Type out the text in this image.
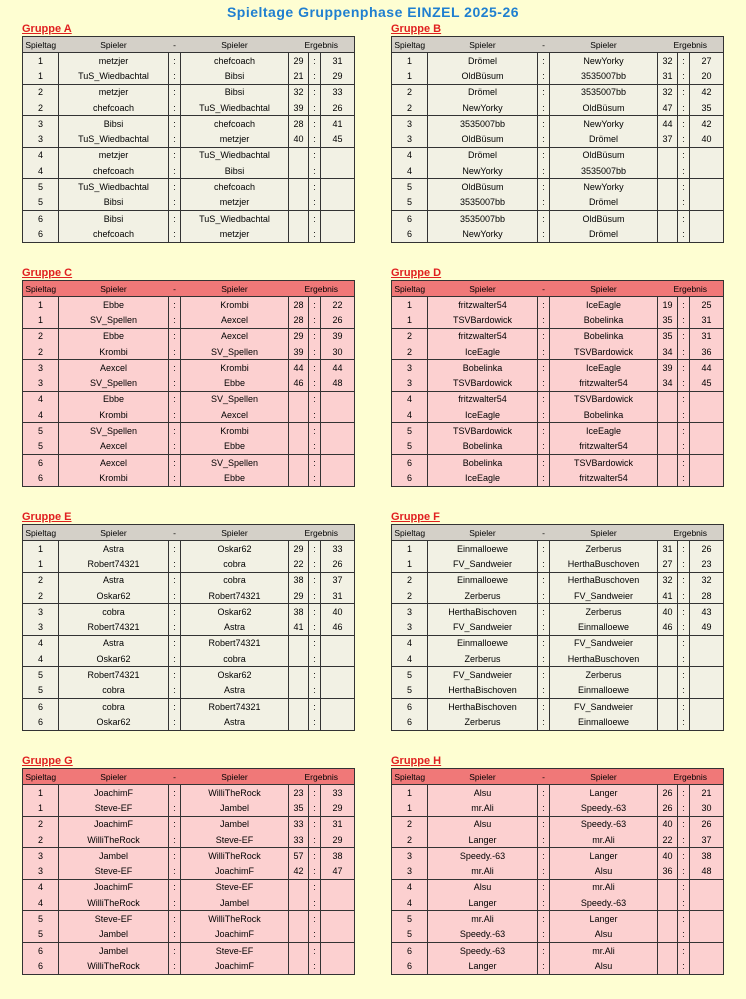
Spieltage Gruppenphase EINZEL 2025-26
Gruppe A
Spieltag	Spieler	-	Spieler	Ergebnis		
1	metzjer	:	chefcoach	29	:	31
1	TuS_Wiedbachtal	:	Bibsi	21	:	29
2	metzjer	:	Bibsi	32	:	33
2	chefcoach	:	TuS_Wiedbachtal	39	:	26
3	Bibsi	:	chefcoach	28	:	41
3	TuS_Wiedbachtal	:	metzjer	40	:	45
4	metzjer	:	TuS_Wiedbachtal		:	
4	chefcoach	:	Bibsi		:	
5	TuS_Wiedbachtal	:	chefcoach		:	
5	Bibsi	:	metzjer		:	
6	Bibsi	:	TuS_Wiedbachtal		:	
6	chefcoach	:	metzjer		:	
Gruppe B
Spieltag	Spieler	-	Spieler	Ergebnis		
1	Drömel	:	NewYorky	32	:	27
1	OldBüsum	:	3535007bb	31	:	20
2	Drömel	:	3535007bb	32	:	42
2	NewYorky	:	OldBüsum	47	:	35
3	3535007bb	:	NewYorky	44	:	42
3	OldBüsum	:	Drömel	37	:	40
4	Drömel	:	OldBüsum		:	
4	NewYorky	:	3535007bb		:	
5	OldBüsum	:	NewYorky		:	
5	3535007bb	:	Drömel		:	
6	3535007bb	:	OldBüsum		:	
6	NewYorky	:	Drömel		:	
Gruppe C
Spieltag	Spieler	-	Spieler	Ergebnis		
1	Ebbe	:	Krombi	28	:	22
1	SV_Spellen	:	Aexcel	28	:	26
2	Ebbe	:	Aexcel	29	:	39
2	Krombi	:	SV_Spellen	39	:	30
3	Aexcel	:	Krombi	44	:	44
3	SV_Spellen	:	Ebbe	46	:	48
4	Ebbe	:	SV_Spellen		:	
4	Krombi	:	Aexcel		:	
5	SV_Spellen	:	Krombi		:	
5	Aexcel	:	Ebbe		:	
6	Aexcel	:	SV_Spellen		:	
6	Krombi	:	Ebbe		:	
Gruppe D
Spieltag	Spieler	-	Spieler	Ergebnis		
1	fritzwalter54	:	IceEagle	19	:	25
1	TSVBardowick	:	Bobelinka	35	:	31
2	fritzwalter54	:	Bobelinka	35	:	31
2	IceEagle	:	TSVBardowick	34	:	36
3	Bobelinka	:	IceEagle	39	:	44
3	TSVBardowick	:	fritzwalter54	34	:	45
4	fritzwalter54	:	TSVBardowick		:	
4	IceEagle	:	Bobelinka		:	
5	TSVBardowick	:	IceEagle		:	
5	Bobelinka	:	fritzwalter54		:	
6	Bobelinka	:	TSVBardowick		:	
6	IceEagle	:	fritzwalter54		:	
Gruppe E
Spieltag	Spieler	-	Spieler	Ergebnis		
1	Astra	:	Oskar62	29	:	33
1	Robert74321	:	cobra	22	:	26
2	Astra	:	cobra	38	:	37
2	Oskar62	:	Robert74321	29	:	31
3	cobra	:	Oskar62	38	:	40
3	Robert74321	:	Astra	41	:	46
4	Astra	:	Robert74321		:	
4	Oskar62	:	cobra		:	
5	Robert74321	:	Oskar62		:	
5	cobra	:	Astra		:	
6	cobra	:	Robert74321		:	
6	Oskar62	:	Astra		:	
Gruppe F
Spieltag	Spieler	-	Spieler	Ergebnis		
1	Einmalloewe	:	Zerberus	31	:	26
1	FV_Sandweier	:	HerthaBuschoven	27	:	23
2	Einmalloewe	:	HerthaBuschoven	32	:	32
2	Zerberus	:	FV_Sandweier	41	:	28
3	HerthaBischoven	:	Zerberus	40	:	43
3	FV_Sandweier	:	Einmalloewe	46	:	49
4	Einmalloewe	:	FV_Sandweier		:	
4	Zerberus	:	HerthaBuschoven		:	
5	FV_Sandweier	:	Zerberus		:	
5	HerthaBischoven	:	Einmalloewe		:	
6	HerthaBischoven	:	FV_Sandweier		:	
6	Zerberus	:	Einmalloewe		:	
Gruppe G
Spieltag	Spieler	-	Spieler	Ergebnis		
1	JoachimF	:	WilliTheRock	23	:	33
1	Steve-EF	:	Jambel	35	:	29
2	JoachimF	:	Jambel	33	:	31
2	WilliTheRock	:	Steve-EF	33	:	29
3	Jambel	:	WilliTheRock	57	:	38
3	Steve-EF	:	JoachimF	42	:	47
4	JoachimF	:	Steve-EF		:	
4	WilliTheRock	:	Jambel		:	
5	Steve-EF	:	WilliTheRock		:	
5	Jambel	:	JoachimF		:	
6	Jambel	:	Steve-EF		:	
6	WilliTheRock	:	JoachimF		:	
Gruppe H
Spieltag	Spieler	-	Spieler	Ergebnis		
1	Alsu	:	Langer	26	:	21
1	mr.Ali	:	Speedy.-63	26	:	30
2	Alsu	:	Speedy.-63	40	:	26
2	Langer	:	mr.Ali	22	:	37
3	Speedy.-63	:	Langer	40	:	38
3	mr.Ali	:	Alsu	36	:	48
4	Alsu	:	mr.Ali		:	
4	Langer	:	Speedy.-63		:	
5	mr.Ali	:	Langer		:	
5	Speedy.-63	:	Alsu		:	
6	Speedy.-63	:	mr.Ali		:	
6	Langer	:	Alsu		:	
